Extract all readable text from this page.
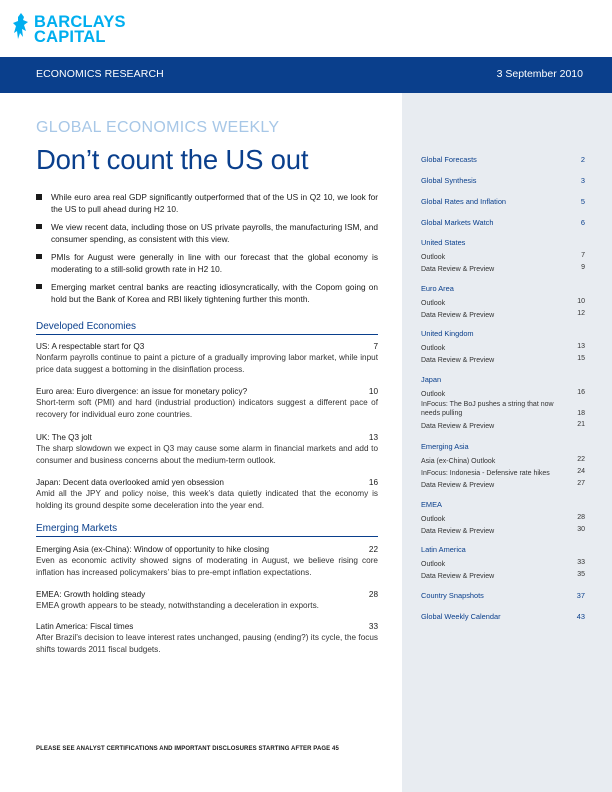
BARCLAYS
CAPITAL
ECONOMICS RESEARCH	3 September 2010
Global Forecasts	2
Global Synthesis	3
Global Rates and Inflation	5
Global Markets Watch	6
United States
Outlook	7
Data Review & Preview	9
Euro Area
Outlook	10
Data Review & Preview	12
United Kingdom
Outlook	13
Data Review & Preview	15
Japan
Outlook	16
InFocus: The BoJ pushes a string that now needs pulling	18
Data Review & Preview	21
Emerging Asia
Asia (ex-China) Outlook	22
InFocus: Indonesia - Defensive rate hikes	24
Data Review & Preview	27
EMEA
Outlook	28
Data Review & Preview	30
Latin America
Outlook	33
Data Review & Preview	35
Country Snapshots	37
Global Weekly Calendar	43
GLOBAL ECONOMICS WEEKLY
Don’t count the US out
While euro area real GDP significantly outperformed that of the US in Q2 10, we look for the US to pull ahead during H2 10.
We view recent data, including those on US private payrolls, the manufacturing ISM, and consumer spending, as consistent with this view.
PMIs for August were generally in line with our forecast that the global economy is moderating to a still-solid growth rate in H2 10.
Emerging market central banks are reacting idiosyncratically, with the Copom going on hold but the Bank of Korea and RBI likely tightening further this month.
Developed Economies
US: A respectable start for Q3	7
Nonfarm payrolls continue to paint a picture of a gradually improving labor market, while input price data suggest a bottoming in the disinflation process.
Euro area: Euro divergence: an issue for monetary policy?	10
Short-term soft (PMI) and hard (industrial production) indicators suggest a different pace of recovery for individual euro zone countries.
UK: The Q3 jolt	13
The sharp slowdown we expect in Q3 may cause some alarm in financial markets and add to consumer and business concerns about the medium-term outlook.
Japan: Decent data overlooked amid yen obsession	16
Amid all the JPY and policy noise, this week’s data quietly indicated that the economy is holding its ground despite some deceleration into the year end.
Emerging Markets
Emerging Asia (ex-China): Window of opportunity to hike closing	22
Even as economic activity showed signs of moderating in August, we believe rising core inflation has increased policymakers’ bias to pre-empt inflation expectations.
EMEA: Growth holding steady	28
EMEA growth appears to be steady, notwithstanding a deceleration in exports.
Latin America: Fiscal times	33
After Brazil’s decision to leave interest rates unchanged, pausing (ending?) its cycle, the focus shifts towards 2011 fiscal budgets.
PLEASE SEE ANALYST CERTIFICATIONS AND IMPORTANT DISCLOSURES STARTING AFTER PAGE 45
